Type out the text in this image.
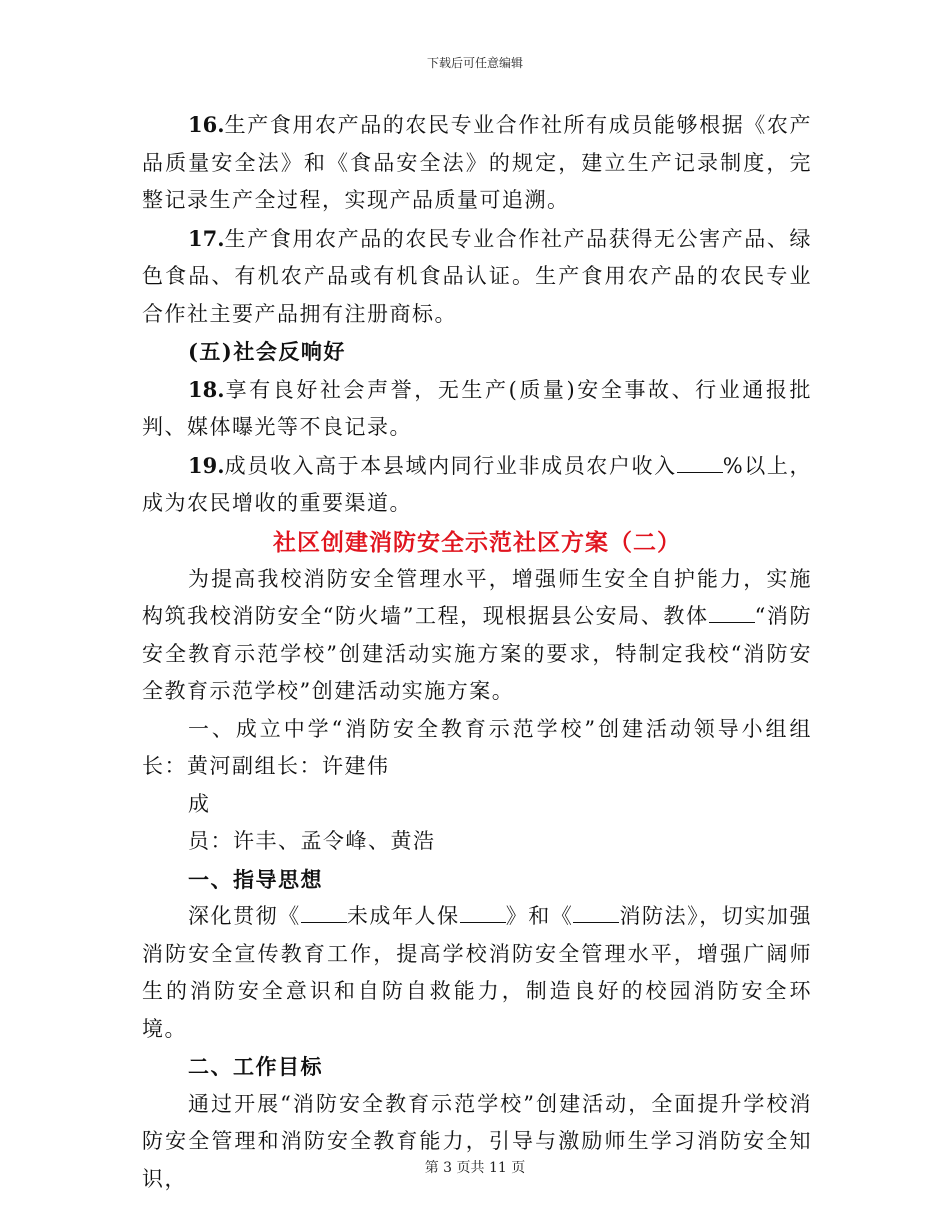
下载后可任意编辑

16.生产食用农产品的农民专业合作社所有成员能够根据《农产品质量安全法》和《食品安全法》的规定，建立生产记录制度，完整记录生产全过程，实现产品质量可追溯。

17.生产食用农产品的农民专业合作社产品获得无公害产品、绿色食品、有机农产品或有机食品认证。生产食用农产品的农民专业合作社主要产品拥有注册商标。

(五)社会反响好

18.享有良好社会声誉，无生产(质量)安全事故、行业通报批判、媒体曝光等不良记录。

19.成员收入高于本县域内同行业非成员农户收入 %以上，成为农民增收的重要渠道。

社区创建消防安全示范社区方案（二）

为提高我校消防安全管理水平，增强师生安全自护能力，实施构筑我校消防安全“防火墙”工程，现根据县公安局、教体 “消防安全教育示范学校”创建活动实施方案的要求，特制定我校“消防安全教育示范学校”创建活动实施方案。

一、成立中学“消防安全教育示范学校”创建活动领导小组组长：黄河副组长：许建伟

成

员：许丰、孟令峰、黄浩

一、指导思想

深化贯彻《 未成年人保 》和《 消防法》，切实加强消防安全宣传教育工作，提高学校消防安全管理水平，增强广阔师生的消防安全意识和自防自救能力，制造良好的校园消防安全环境。

二、工作目标

通过开展“消防安全教育示范学校”创建活动，全面提升学校消防安全管理和消防安全教育能力，引导与激励师生学习消防安全知识，	第 3 页共 11 页
